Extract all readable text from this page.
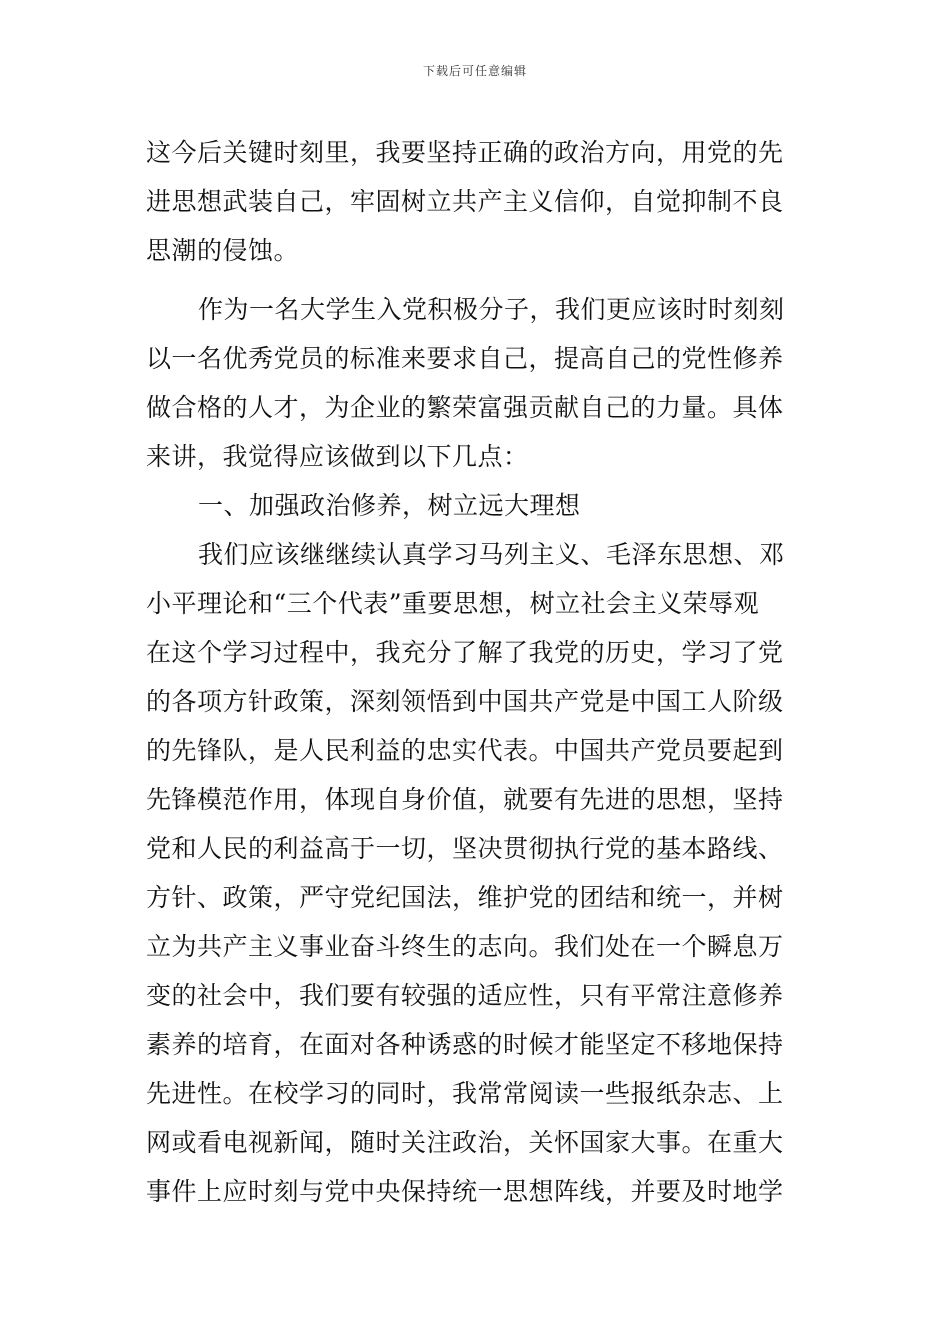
下载后可任意编辑
这今后关键时刻里，我要坚持正确的政治方向，用党的先
进思想武装自己，牢固树立共产主义信仰，自觉抑制不良
思潮的侵蚀。
作为一名大学生入党积极分子，我们更应该时时刻刻
以一名优秀党员的标准来要求自己，提高自己的党性修养
做合格的人才，为企业的繁荣富强贡献自己的力量。具体
来讲，我觉得应该做到以下几点：
一、加强政治修养，树立远大理想
我们应该继继续认真学习马列主义、毛泽东思想、邓
小平理论和“三个代表”重要思想，树立社会主义荣辱观
在这个学习过程中，我充分了解了我党的历史，学习了党
的各项方针政策，深刻领悟到中国共产党是中国工人阶级
的先锋队，是人民利益的忠实代表。中国共产党员要起到
先锋模范作用，体现自身价值，就要有先进的思想，坚持
党和人民的利益高于一切，坚决贯彻执行党的基本路线、
方针、政策，严守党纪国法，维护党的团结和统一，并树
立为共产主义事业奋斗终生的志向。我们处在一个瞬息万
变的社会中，我们要有较强的适应性，只有平常注意修养
素养的培育，在面对各种诱惑的时候才能坚定不移地保持
先进性。在校学习的同时，我常常阅读一些报纸杂志、上
网或看电视新闻，随时关注政治，关怀国家大事。在重大
事件上应时刻与党中央保持统一思想阵线，并要及时地学
